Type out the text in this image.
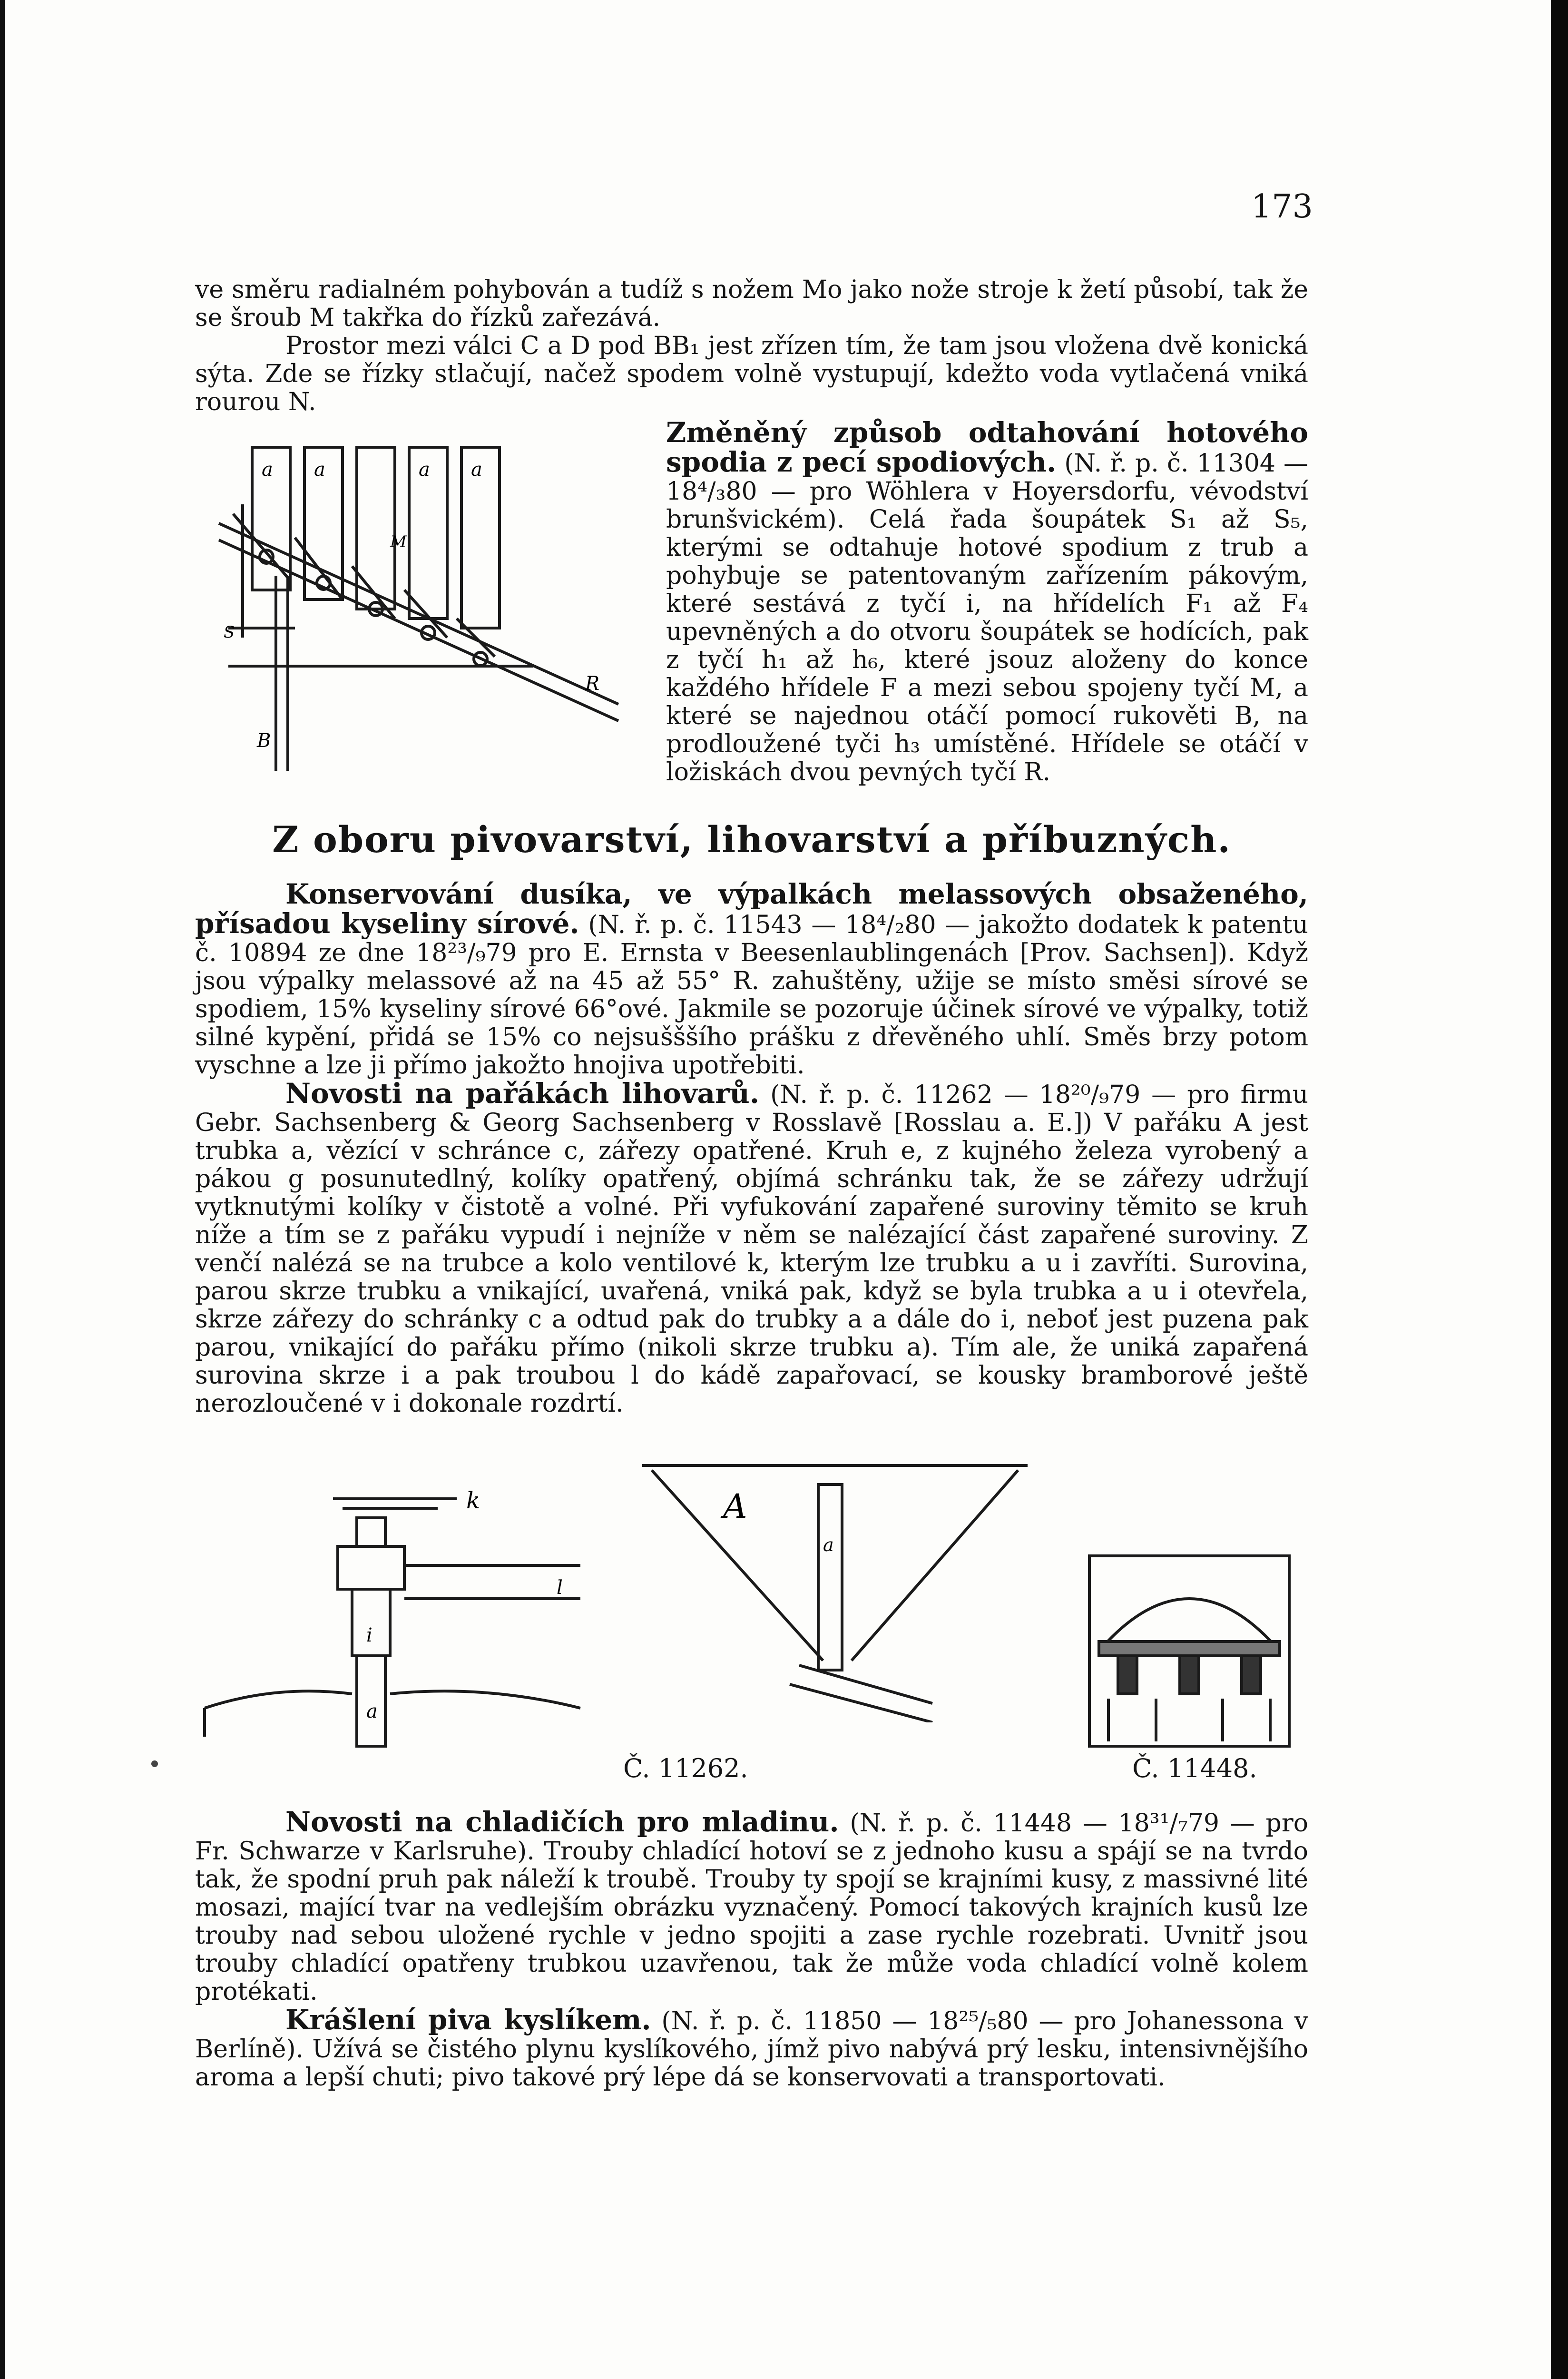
173

ve směru radialném pohybován a tudíž s nožem Mo jako nože stroje k žetí působí, tak že se šroub M takřka do řízků zařezává.

Prostor mezi válci C a D pod BB₁ jest zřízen tím, že tam jsou vložena dvě konická sýta. Zde se řízky stlačují, načež spodem volně vystupují, kdežto voda vytlačená vniká rourou N.

a a	a a
M
S
B
R
Změněný způsob odtahování hotového spodia z pecí spodiových. (N. ř. p. č. 11304 — 18⁴/₃80 — pro Wöhlera v Hoyersdorfu, vévodství brunšvickém). Celá řada šoupátek S₁ až S₅, kterými se odtahuje hotové spodium z trub a pohybuje se patentovaným zařízením pákovým, které sestává z tyčí i, na hřídelích F₁ až F₄ upevněných a do otvoru šoupátek se hodících, pak z tyčí h₁ až h₆, které jsouz aloženy do konce každého hřídele F a mezi sebou spojeny tyčí M, a které se najednou otáčí pomocí rukověti B, na prodloužené tyči h₃ umístěné. Hřídele se otáčí v ložiskách dvou pevných tyčí R.
Z oboru pivovarství, lihovarství a příbuzných.

Konservování dusíka, ve výpalkách melassových obsaženého, přísadou kyseliny sírové. (N. ř. p. č. 11543 — 18⁴/₂80 — jakožto dodatek k patentu č. 10894 ze dne 18²³/₉79 pro E. Ernsta v Beesenlaublingenách [Prov. Sachsen]). Když jsou výpalky melassové až na 45 až 55° R. zahuštěny, užije se místo směsi sírové se spodiem, 15% kyseliny sírové 66°ové. Jakmile se pozoruje účinek sírové ve výpalky, totiž silné kypění, přidá se 15% co nejsušššího prášku z dřevěného uhlí. Směs brzy potom vyschne a lze ji přímo jakožto hnojiva upotřebiti.

Novosti na pařákách lihovarů. (N. ř. p. č. 11262 — 18²⁰/₉79 — pro firmu Gebr. Sachsenberg & Georg Sachsenberg v Rosslavě [Rosslau a. E.]) V pařáku A jest trubka a, vězící v schránce c, zářezy opatřené. Kruh e, z kujného železa vyrobený a pákou g posunutedlný, kolíky opatřený, objímá schránku tak, že se zářezy udržují vytknutými kolíky v čistotě a volné. Při vyfukování zapařené suroviny těmito se kruh níže a tím se z pařáku vypudí i nejníže v něm se nalézající část zapařené suroviny. Z venčí nalézá se na trubce a kolo ventilové k, kterým lze trubku a u i zavříti. Surovina, parou skrze trubku a vnikající, uvařená, vniká pak, když se byla trubka a u i otevřela, skrze zářezy do schránky c a odtud pak do trubky a a dále do i, neboť jest puzena pak parou, vnikající do pařáku přímo (nikoli skrze trubku a). Tím ale, že uniká zapařená surovina skrze i a pak troubou l do kádě zapařovací, se kousky bramborové ještě nerozloučené v i dokonale rozdrtí.

k
i
a
l
A
a
Č. 11262.	Č. 11448.

Novosti na chladičích pro mladinu. (N. ř. p. č. 11448 — 18³¹/₇79 — pro Fr. Schwarze v Karlsruhe). Trouby chladící hotoví se z jednoho kusu a spájí se na tvrdo tak, že spodní pruh pak náleží k troubě. Trouby ty spojí se krajními kusy, z massivné lité mosazi, mající tvar na vedlejším obrázku vyznačený. Pomocí takových krajních kusů lze trouby nad sebou uložené rychle v jedno spojiti a zase rychle rozebrati. Uvnitř jsou trouby chladící opatřeny trubkou uzavřenou, tak že může voda chladící volně kolem protékati.

Krášlení piva kyslíkem. (N. ř. p. č. 11850 — 18²⁵/₅80 — pro Johanessona v Berlíně). Užívá se čistého plynu kyslíkového, jímž pivo nabývá prý lesku, intensivnějšího aroma a lepší chuti; pivo takové prý lépe dá se konservovati a transportovati.
